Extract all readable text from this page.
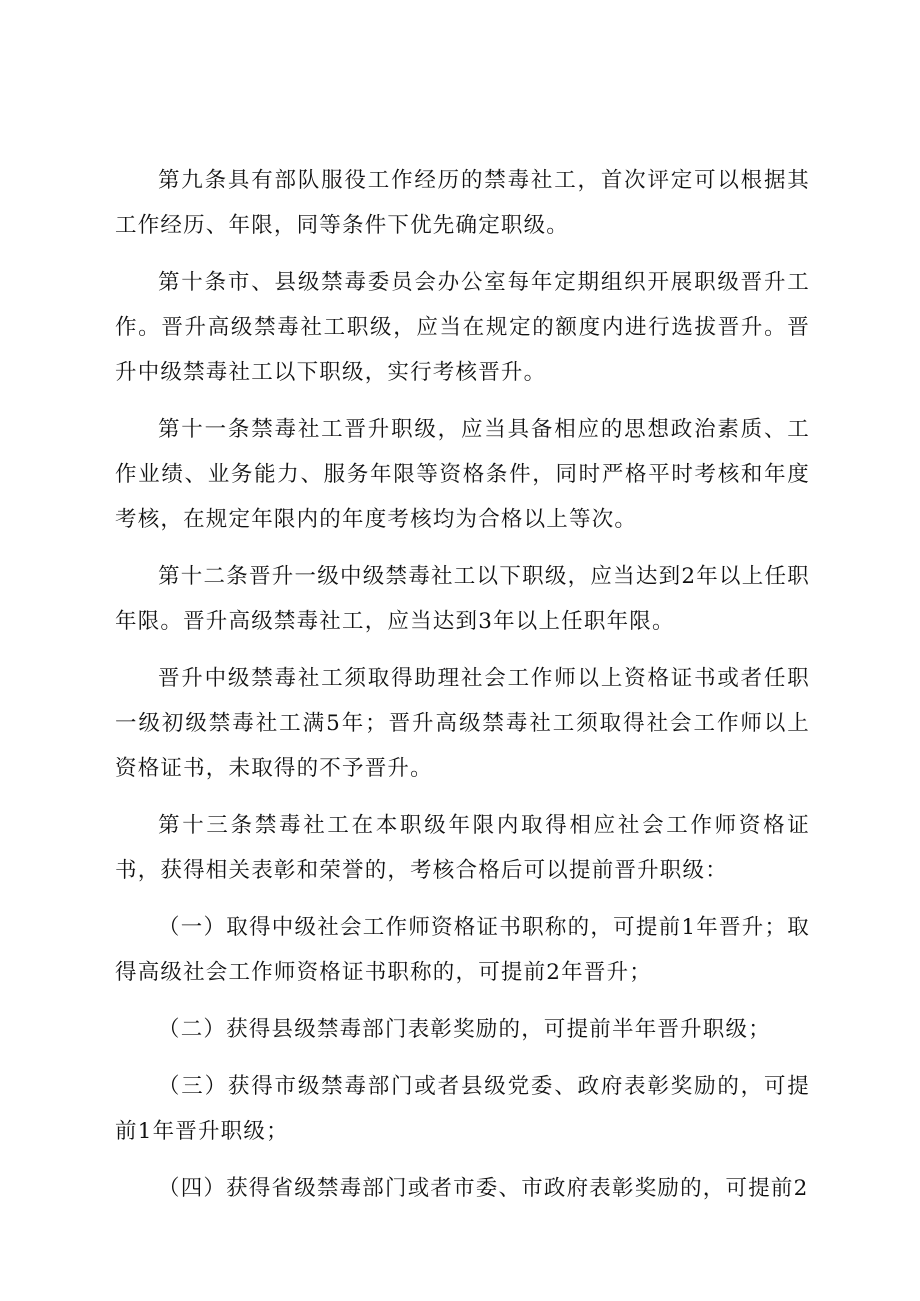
第九条具有部队服役工作经历的禁毒社工，首次评定可以根据其工作经历、年限，同等条件下优先确定职级。

第十条市、县级禁毒委员会办公室每年定期组织开展职级晋升工作。晋升高级禁毒社工职级，应当在规定的额度内进行选拔晋升。晋升中级禁毒社工以下职级，实行考核晋升。

第十一条禁毒社工晋升职级，应当具备相应的思想政治素质、工作业绩、业务能力、服务年限等资格条件，同时严格平时考核和年度考核，在规定年限内的年度考核均为合格以上等次。

第十二条晋升一级中级禁毒社工以下职级，应当达到2年以上任职年限。晋升高级禁毒社工，应当达到3年以上任职年限。

晋升中级禁毒社工须取得助理社会工作师以上资格证书或者任职一级初级禁毒社工满5年；晋升高级禁毒社工须取得社会工作师以上资格证书，未取得的不予晋升。

第十三条禁毒社工在本职级年限内取得相应社会工作师资格证书，获得相关表彰和荣誉的，考核合格后可以提前晋升职级：

（一）取得中级社会工作师资格证书职称的，可提前1年晋升；取得高级社会工作师资格证书职称的，可提前2年晋升；

（二）获得县级禁毒部门表彰奖励的，可提前半年晋升职级；

（三）获得市级禁毒部门或者县级党委、政府表彰奖励的，可提前1年晋升职级；

（四）获得省级禁毒部门或者市委、市政府表彰奖励的，可提前2
